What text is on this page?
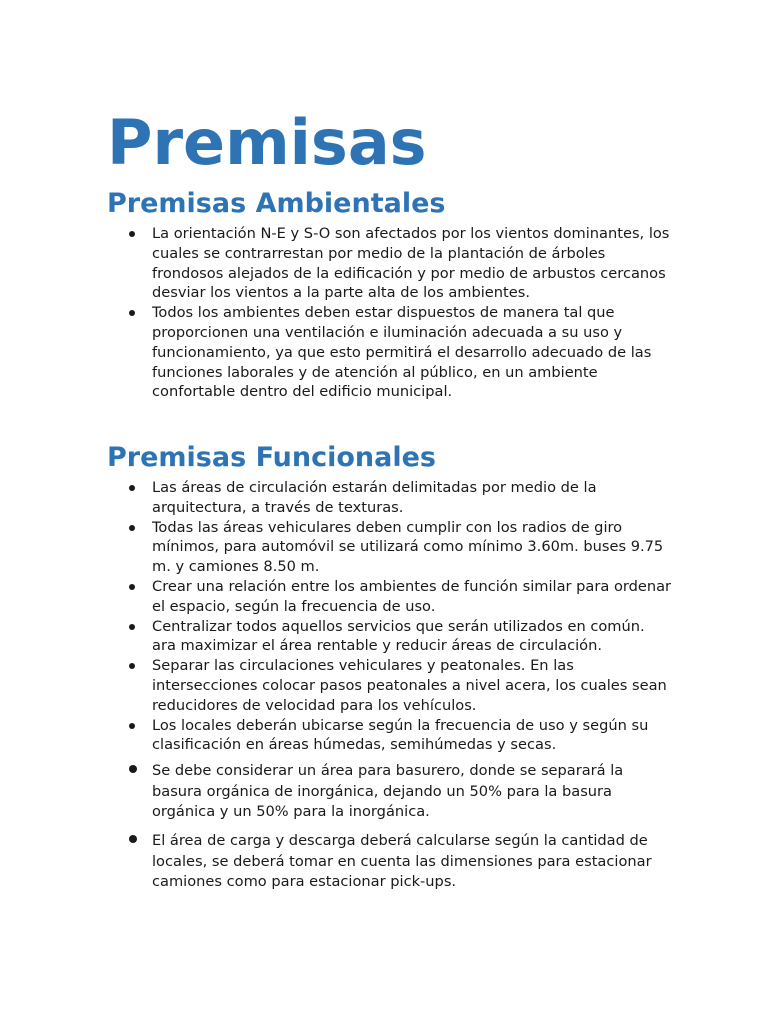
Premisas
Premisas Ambientales
La orientación N-E y S-O son afectados por los vientos dominantes, los cuales se contrarrestan por medio de la plantación de árboles frondosos alejados de la edificación y por medio de arbustos cercanos desviar los vientos a la parte alta de los ambientes.
Todos los ambientes deben estar dispuestos de manera tal que proporcionen una ventilación e iluminación adecuada a su uso y funcionamiento, ya que esto permitirá el desarrollo adecuado de las funciones laborales y de atención al público, en un ambiente confortable dentro del edificio municipal.
Premisas Funcionales
Las áreas de circulación estarán delimitadas por medio de la arquitectura, a través de texturas.
Todas las áreas vehiculares deben cumplir con los radios de giro mínimos, para automóvil se utilizará como mínimo 3.60m. buses 9.75 m. y camiones 8.50 m.
Crear una relación entre los ambientes de función similar para ordenar el espacio, según la frecuencia de uso.
Centralizar todos aquellos servicios que serán utilizados en común. ara maximizar el área rentable y reducir áreas de circulación.
Separar las circulaciones vehiculares y peatonales. En las intersecciones colocar pasos peatonales a nivel acera, los cuales sean reducidores de velocidad para los vehículos.
Los locales deberán ubicarse según la frecuencia de uso y según su clasificación en áreas húmedas, semihúmedas y secas.
Se debe considerar un área para basurero, donde se separará la basura orgánica de inorgánica, dejando un 50% para la basura orgánica y un 50% para la inorgánica.
El área de carga y descarga deberá calcularse según la cantidad de locales, se deberá tomar en cuenta las dimensiones para estacionar camiones como para estacionar pick-ups.
